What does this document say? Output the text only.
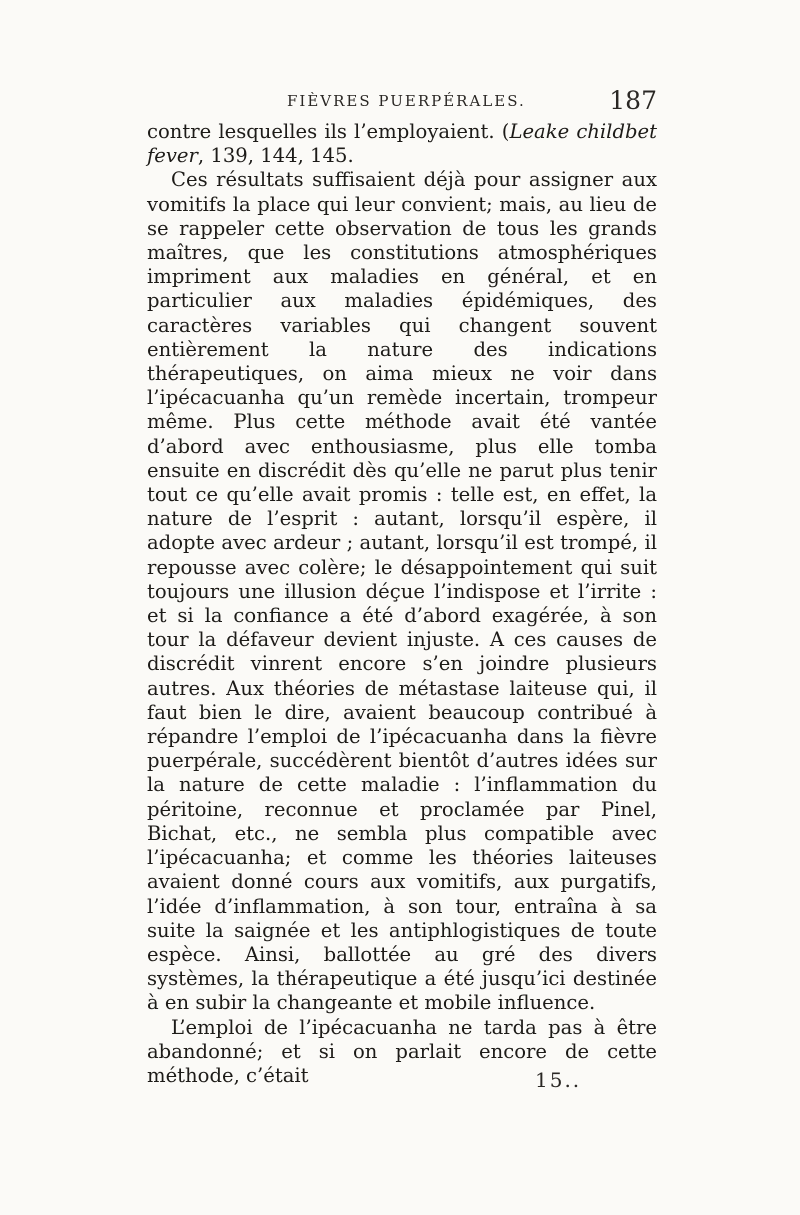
FIÈVRES PUERPÉRALES.	187

contre lesquelles ils l’employaient. (Leake childbet fever, 139, 144, 145.

Ces résultats suffisaient déjà pour assigner aux vomitifs la place qui leur convient; mais, au lieu de se rappeler cette observation de tous les grands maîtres, que les constitutions atmosphériques impriment aux maladies en général, et en particulier aux maladies épidémiques, des caractères variables qui changent souvent entièrement la nature des indications thérapeutiques, on aima mieux ne voir dans l’ipécacuanha qu’un remède incertain, trompeur même. Plus cette méthode avait été vantée d’abord avec enthousiasme, plus elle tomba ensuite en discrédit dès qu’elle ne parut plus tenir tout ce qu’elle avait promis : telle est, en effet, la nature de l’esprit : autant, lorsqu’il espère, il adopte avec ardeur ; autant, lorsqu’il est trompé, il repousse avec colère; le désappointement qui suit toujours une illusion déçue l’indispose et l’irrite : et si la confiance a été d’abord exagérée, à son tour la défaveur devient injuste. A ces causes de discrédit vinrent encore s’en joindre plusieurs autres. Aux théories de métastase laiteuse qui, il faut bien le dire, avaient beaucoup contribué à répandre l’emploi de l’ipécacuanha dans la fièvre puerpérale, succédèrent bientôt d’autres idées sur la nature de cette maladie : l’inflammation du péritoine, reconnue et proclamée par Pinel, Bichat, etc., ne sembla plus compatible avec l’ipécacuanha; et comme les théories laiteuses avaient donné cours aux vomitifs, aux purgatifs, l’idée d’inflammation, à son tour, entraîna à sa suite la saignée et les antiphlogistiques de toute espèce. Ainsi, ballottée au gré des divers systèmes, la thérapeutique a été jusqu’ici destinée à en subir la changeante et mobile influence.

L’emploi de l’ipécacuanha ne tarda pas à être abandonné; et si on parlait encore de cette méthode, c’était	15..
